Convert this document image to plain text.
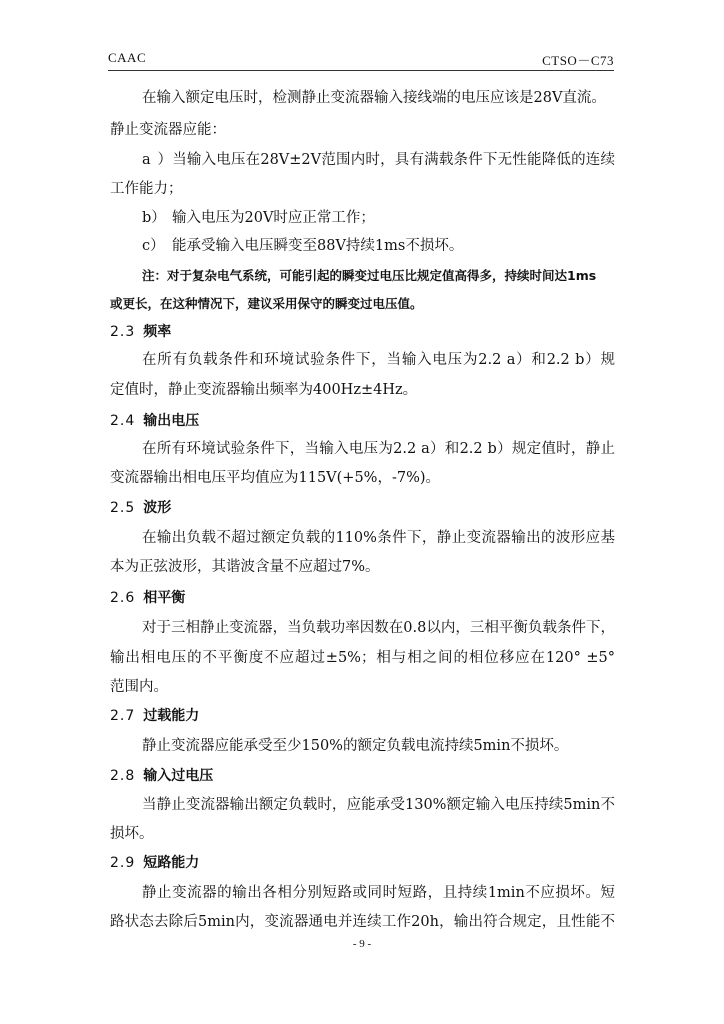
CAAC	CTSO－C73
在输入额定电压时，检测静止变流器输入接线端的电压应该是28V直流。
静止变流器应能：
a）当输入电压在28V±2V范围内时，具有满载条件下无性能降低的连续
工作能力；
b） 输入电压为20V时应正常工作；
c） 能承受输入电压瞬变至88V持续1ms不损坏。
注：对于复杂电气系统，可能引起的瞬变过电压比规定值高得多，持续时间达1ms
或更长，在这种情况下，建议采用保守的瞬变过电压值。
2.3 频率
在所有负载条件和环境试验条件下，当输入电压为2.2 a）和2.2 b）规
定值时，静止变流器输出频率为400Hz±4Hz。
2.4 输出电压
在所有环境试验条件下，当输入电压为2.2 a）和2.2 b）规定值时，静止
变流器输出相电压平均值应为115V(+5%，-7%)。
2.5 波形
在输出负载不超过额定负载的110%条件下，静止变流器输出的波形应基
本为正弦波形，其谐波含量不应超过7%。
2.6 相平衡
对于三相静止变流器，当负载功率因数在0.8以内，三相平衡负载条件下，
输出相电压的不平衡度不应超过±5%；相与相之间的相位移应在120° ±5°
范围内。
2.7 过载能力
静止变流器应能承受至少150%的额定负载电流持续5min不损坏。
2.8 输入过电压
当静止变流器输出额定负载时，应能承受130%额定输入电压持续5min不
损坏。
2.9 短路能力
静止变流器的输出各相分别短路或同时短路，且持续1min不应损坏。短
路状态去除后5min内，变流器通电并连续工作20h，输出符合规定，且性能不
- 9 -
